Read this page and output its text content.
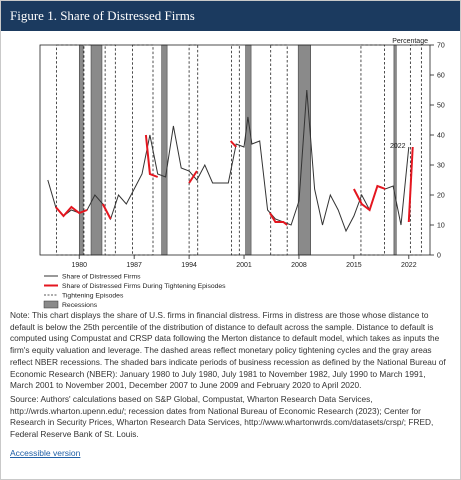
Figure 1. Share of Distressed Firms
0
10
20
30
40
50
60
70
1980	1987	1994	2001	2008	2015	2022
Percentage
2022
Share of Distressed Firms
Share of Distressed Firms During Tightening Episodes
Tightening Episodes
Recessions
Note: This chart displays the share of U.S. firms in financial distress. Firms in distress are those whose distance to default is below the 25th percentile of the distribution of distance to default across the sample. Distance to default is computed using Compustat and CRSP data following the Merton distance to default model, which takes as inputs the firm's equity valuation and leverage. The dashed areas reflect monetary policy tightening cycles and the gray areas reflect NBER recessions. The shaded bars indicate periods of business recession as defined by the National Bureau of Economic Research (NBER): January 1980 to July 1980, July 1981 to November 1982, July 1990 to March 1991, March 2001 to November 2001, December 2007 to June 2009 and February 2020 to April 2020.
Source: Authors' calculations based on S&P Global, Compustat, Wharton Research Data Services, http://wrds.wharton.upenn.edu/; recession dates from National Bureau of Economic Research (2023); Center for Research in Security Prices, Wharton Research Data Services, http://www.whartonwrds.com/datasets/crsp/; FRED, Federal Reserve Bank of St. Louis.
Accessible version
